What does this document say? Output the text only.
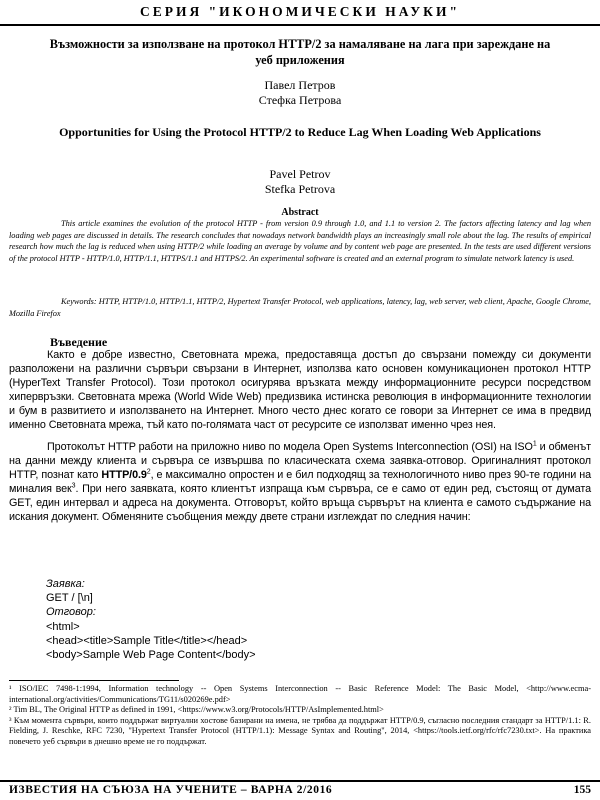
СЕРИЯ "ИКОНОМИЧЕСКИ НАУКИ"
Възможности за използване на протокол HTTP/2 за намаляване на лага при зареждане на уеб приложения
Павел Петров
Стефка Петрова
Opportunities for Using the Protocol HTTP/2 to Reduce Lag When Loading Web Applications
Pavel Petrov
Stefka Petrova
Abstract
This article examines the evolution of the protocol HTTP - from version 0.9 through 1.0, and 1.1 to version 2. The factors affecting latency and lag when loading web pages are discussed in details. The research concludes that nowadays network bandwidth plays an increasingly small role about the lag. The results of empirical research how much the lag is reduced when using HTTP/2 while loading an average by volume and by content web page are presented. In the tests are used different versions of the protocol HTTP - HTTP/1.0, HTTP/1.1, HTTPS/1.1 and HTTPS/2. An experimental software is created and an external program to simulate network latency is used.
Keywords: HTTP, HTTP/1.0, HTTP/1.1, HTTP/2, Hypertext Transfer Protocol, web applications, latency, lag, web server, web client, Apache, Google Chrome, Mozilla Firefox
Въведение
Както е добре известно, Световната мрежа, предоставяща достъп до свързани помежду си документи разположени на различни сървъри свързани в Интернет, използва като основен комуникационен протокол HTTP (HyperText Transfer Protocol). Този протокол осигурява връзката между информационните ресурси посредством хипервръзки. Световната мрежа (World Wide Web) предизвика истинска революция в информационните технологии и бум в развитието и използването на Интернет. Много често днес когато се говори за Интернет се има в предвид именно Световната мрежа, тъй като по-голямата част от ресурсите се използват именно чрез нея.
Протоколът HTTP работи на приложно ниво по модела Open Systems Interconnection (OSI) на ISO$^1$ и обменът на данни между клиента и сървъра се извършва по класическата схема заявка-отговор. Оригиналният протокол HTTP, познат като HTTP/$0.9^2$, е максимално опростен и е бил подходящ за технологичното ниво през 90-те години на миналия век$^3$. При него заявката, която клиентът изпраща към сървъра, се е само от един ред, състоящ от думата GET, един интервал и адреса на документа. Отговорът, който връща сървърът на клиента е самото съдържание на искания документ. Обменяните съобщения между двете страни изглеждат по следния начин:
Заявка:
GET / [\n]
Отговор:
<html>
<head><title>Sample Title</title></head>
<body>Sample Web Page Content</body>

¹ ISO/IEC 7498-1:1994, Information technology -- Open Systems Interconnection -- Basic Reference Model: The Basic Model, <http://www.ecma-international.org/activities/Communications/TG11/s020269e.pdf>

² Tim BL, The Original HTTP as defined in 1991, <https://www.w3.org/Protocols/HTTP/AsImplemented.html>

³ Към момента сървъри, които поддържат виртуални хостове базирани на имена, не трябва да поддържат HTTP/0.9, съгласно последния стандарт за HTTP/1.1: R. Fielding, J. Reschke, RFC 7230, "Hypertext Transfer Protocol (HTTP/1.1): Message Syntax and Routing", 2014, <https://tools.ietf.org/rfc/rfc7230.txt>. На практика повечето уеб сървъри в днешно време не го поддържат.

ИЗВЕСТИЯ НА СЪЮЗА НА УЧЕНИТЕ – ВАРНА 2/2016	155
